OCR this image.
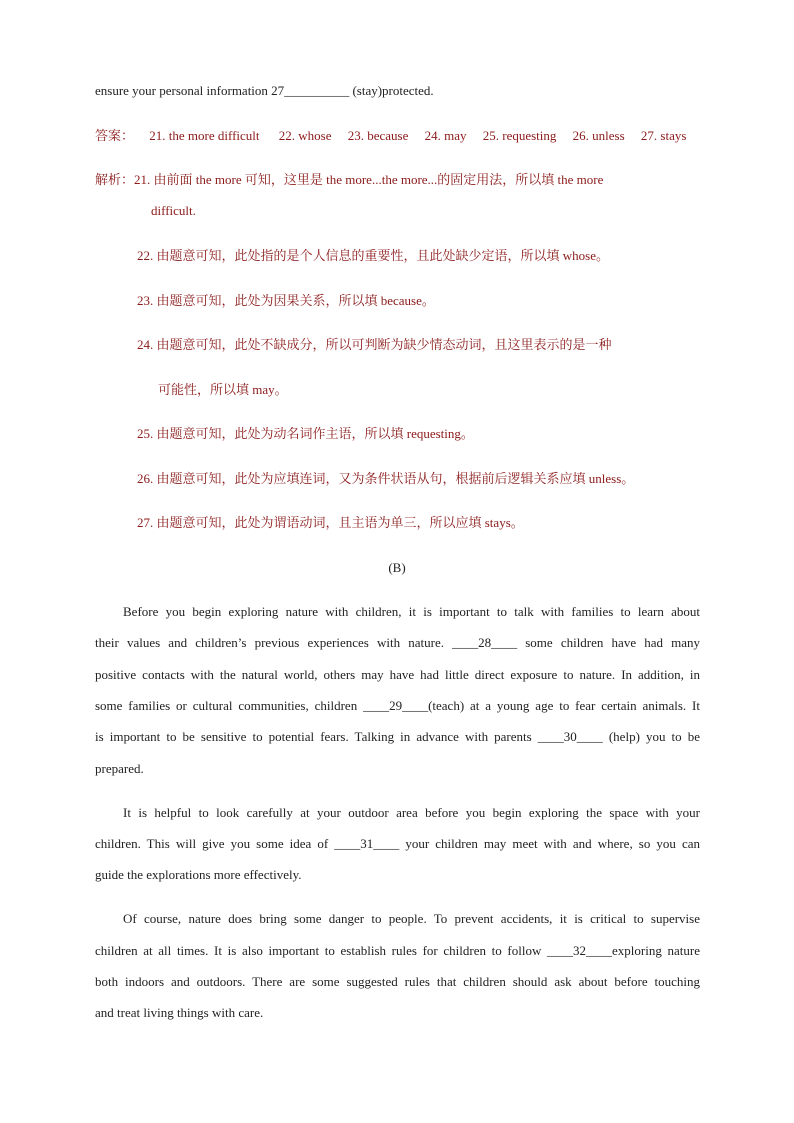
ensure your personal information 27__________ (stay)protected.
答案： 21. the more difficult 22. whose 23. because 24. may 25. requesting 26. unless 27. stays
解析：21. 由前面 the more 可知，这里是 the more...the more...的固定用法，所以填 the more
difficult.
22. 由题意可知，此处指的是个人信息的重要性，且此处缺少定语，所以填 whose。
23. 由题意可知，此处为因果关系，所以填 because。
24. 由题意可知，此处不缺成分，所以可判断为缺少情态动词，且这里表示的是一种
可能性，所以填 may。
25. 由题意可知，此处为动名词作主语，所以填 requesting。
26. 由题意可知，此处为应填连词，又为条件状语从句，根据前后逻辑关系应填 unless。
27. 由题意可知，此处为谓语动词，且主语为单三，所以应填 stays。
(B)
Before you begin exploring nature with children, it is important to talk with families to learn about
their values and children’s previous experiences with nature. ____28____ some children have had many
positive contacts with the natural world, others may have had little direct exposure to nature. In addition, in
some families or cultural communities, children ____29____(teach) at a young age to fear certain animals. It
is important to be sensitive to potential fears. Talking in advance with parents ____30____ (help) you to be
prepared.
It is helpful to look carefully at your outdoor area before you begin exploring the space with your
children. This will give you some idea of ____31____ your children may meet with and where, so you can
guide the explorations more effectively.
Of course, nature does bring some danger to people. To prevent accidents, it is critical to supervise
children at all times. It is also important to establish rules for children to follow ____32____exploring nature
both indoors and outdoors. There are some suggested rules that children should ask about before touching
and treat living things with care.
